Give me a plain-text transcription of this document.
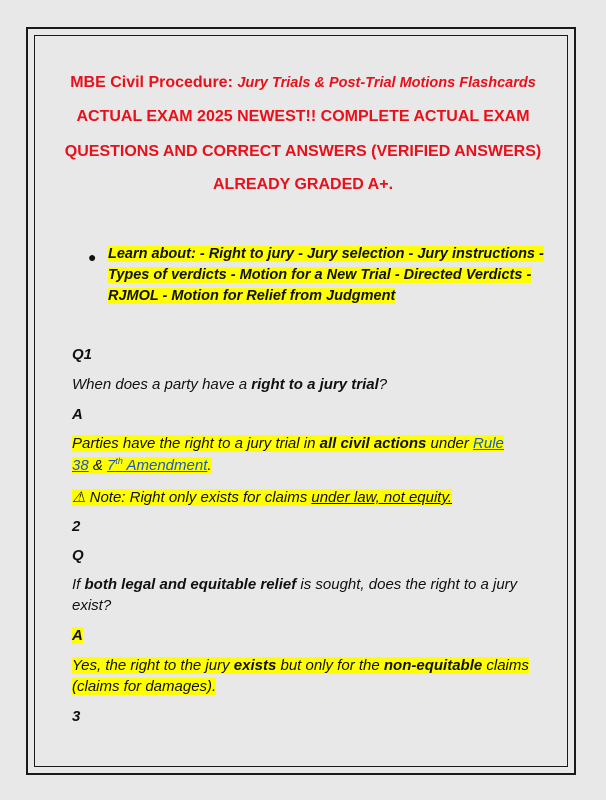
MBE Civil Procedure: Jury Trials & Post-Trial Motions Flashcards
ACTUAL EXAM 2025 NEWEST!! COMPLETE ACTUAL EXAM
QUESTIONS AND CORRECT ANSWERS (VERIFIED ANSWERS)
ALREADY GRADED A+.
● Learn about: - Right to jury - Jury selection - Jury instructions -
Types of verdicts - Motion for a New Trial - Directed Verdicts -
RJMOL - Motion for Relief from Judgment
Q1
When does a party have a right to a jury trial?
A
Parties have the right to a jury trial in all civil actions under Rule
38 & 7th Amendment.
⚠ Note: Right only exists for claims under law, not equity.
2
Q
If both legal and equitable relief is sought, does the right to a jury
exist?
A
Yes, the right to the jury exists but only for the non-equitable claims
(claims for damages).
3
